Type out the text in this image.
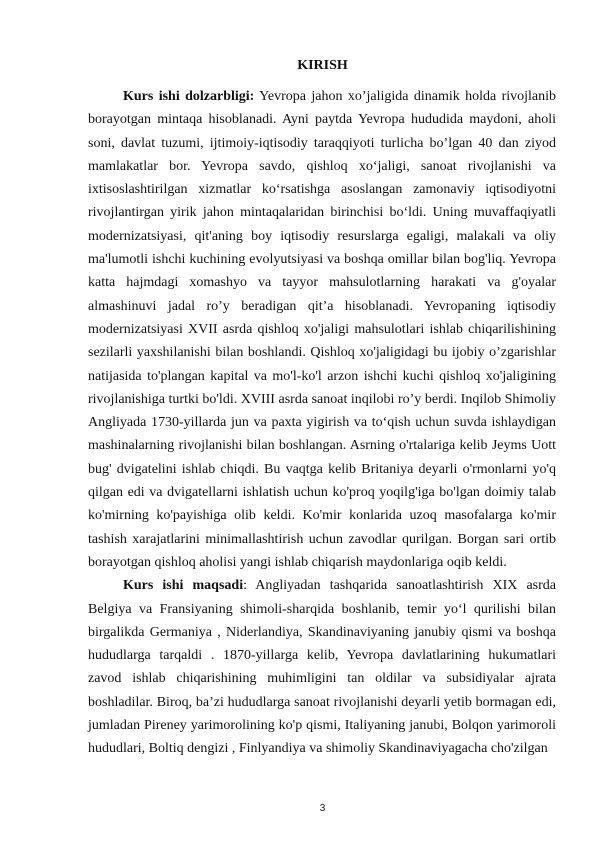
KIRISH

Kurs ishi dolzarbligi: Yevropa jahon xo’jaligida dinamik holda rivojlanib borayotgan mintaqa hisoblanadi. Ayni paytda Yevropa hududida maydoni, aholi soni, davlat tuzumi, ijtimoiy-iqtisodiy taraqqiyoti turlicha bo’lgan 40 dan ziyod mamlakatlar bor. Yevropa savdo, qishloq xo‘jaligi, sanoat rivojlanishi va ixtisoslashtirilgan xizmatlar ko‘rsatishga asoslangan zamonaviy iqtisodiyotni rivojlantirgan yirik jahon mintaqalaridan birinchisi bo‘ldi. Uning muvaffaqiyatli modernizatsiyasi, qit'aning boy iqtisodiy resurslarga egaligi, malakali va oliy ma'lumotli ishchi kuchining evolyutsiyasi va boshqa omillar bilan bog'liq. Yevropa katta hajmdagi xomashyo va tayyor mahsulotlarning harakati va g'oyalar almashinuvi jadal ro’y beradigan qit’a hisoblanadi. Yevropaning iqtisodiy modernizatsiyasi XVII asrda qishloq xo'jaligi mahsulotlari ishlab chiqarilishining sezilarli yaxshilanishi bilan boshlandi. Qishloq xo'jaligidagi bu ijobiy o’zgarishlar natijasida to'plangan kapital va mo'l-ko'l arzon ishchi kuchi qishloq xo'jaligining rivojlanishiga turtki bo'ldi. XVIII asrda sanoat inqilobi ro’y berdi. Inqilob Shimoliy Angliyada 1730-yillarda jun va paxta yigirish va to‘qish uchun suvda ishlaydigan mashinalarning rivojlanishi bilan boshlangan. Asrning o'rtalariga kelib Jeyms Uott bug' dvigatelini ishlab chiqdi. Bu vaqtga kelib Britaniya deyarli o'rmonlarni yo'q qilgan edi va dvigatellarni ishlatish uchun ko'proq yoqilg'iga bo'lgan doimiy talab ko'mirning ko'payishiga olib keldi. Ko'mir konlarida uzoq masofalarga ko'mir tashish xarajatlarini minimallashtirish uchun zavodlar qurilgan. Borgan sari ortib borayotgan qishloq aholisi yangi ishlab chiqarish maydonlariga oqib keldi.

Kurs ishi maqsadi: Angliyadan tashqarida sanoatlashtirish XIX asrda Belgiya va Fransiyaning shimoli-sharqida boshlanib, temir yo‘l qurilishi bilan birgalikda Germaniya , Niderlandiya, Skandinaviyaning janubiy qismi va boshqa hududlarga tarqaldi . 1870-yillarga kelib, Yevropa davlatlarining hukumatlari zavod ishlab chiqarishining muhimligini tan oldilar va subsidiyalar ajrata boshladilar. Biroq, ba’zi hududlarga sanoat rivojlanishi deyarli yetib bormagan edi, jumladan Pireney yarimorolining ko'p qismi, Italiyaning janubi, Bolqon yarimoroli hududlari, Boltiq dengizi , Finlyandiya va shimoliy Skandinaviyagacha cho'zilgan

3
